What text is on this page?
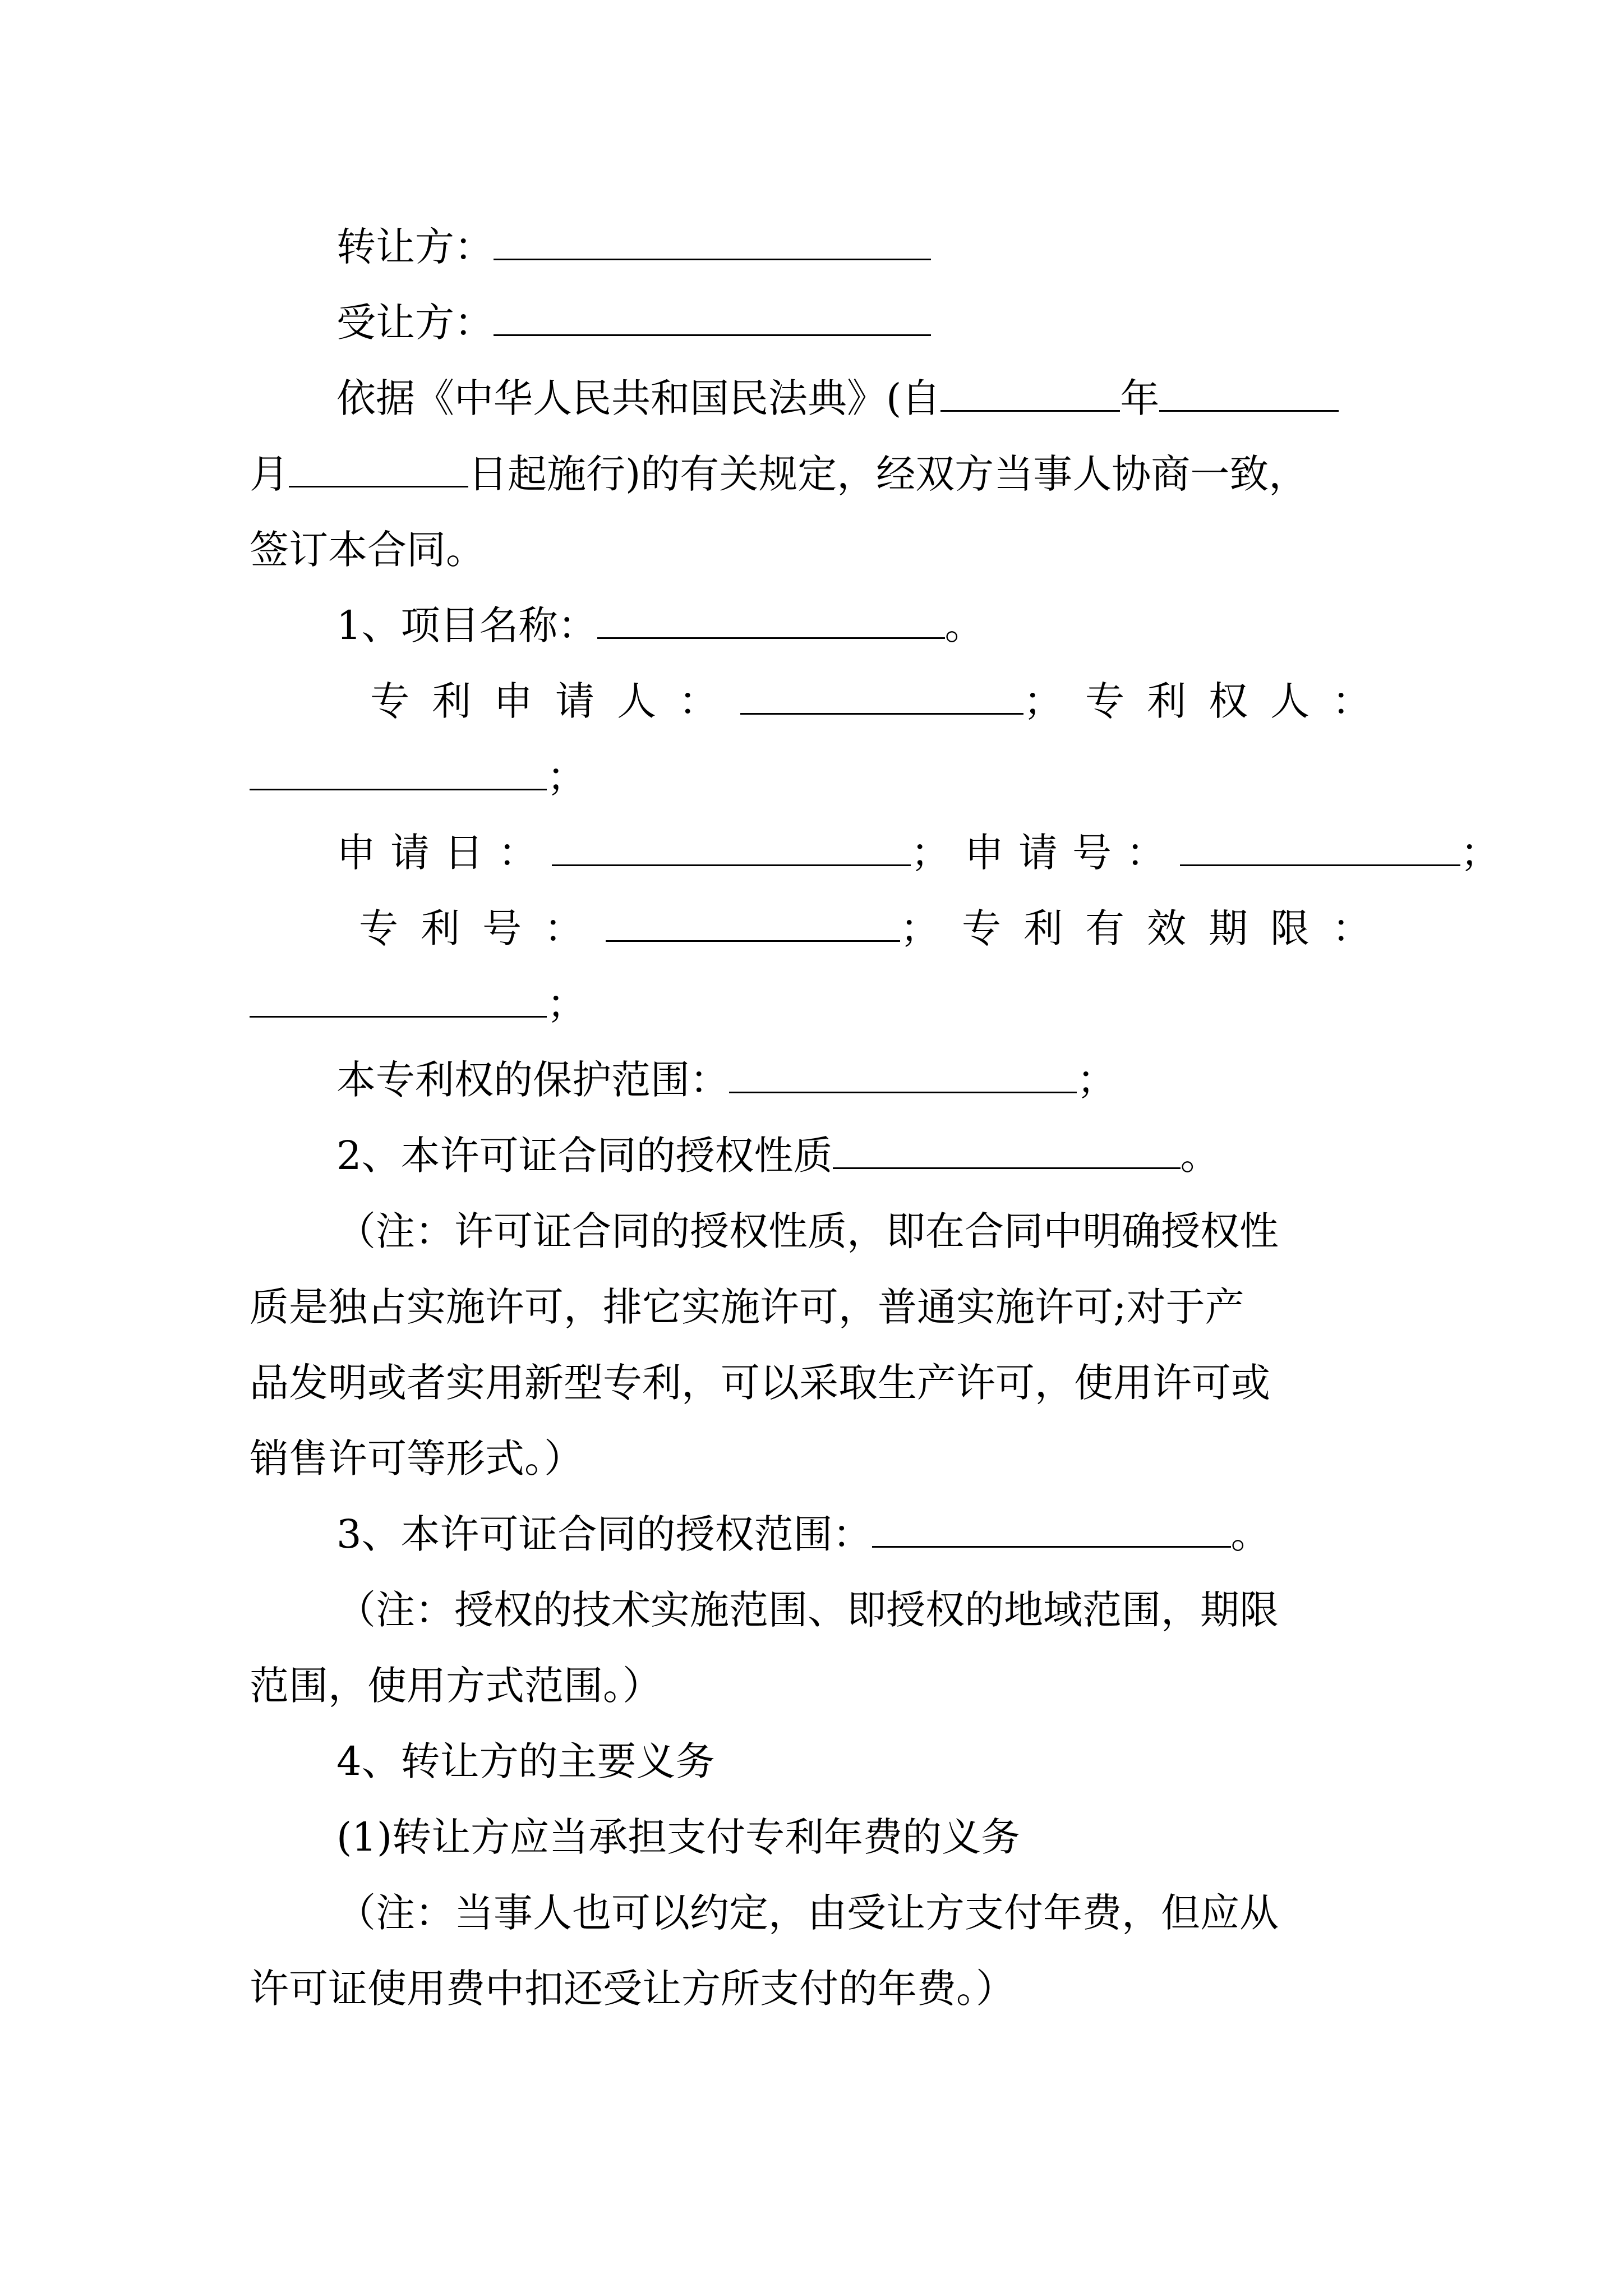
转让方：
受让方：
依据《中华人民共和国民法典》(自	年
月	日起施行)的有关规定，经双方当事人协商一致，
签订本合同。
1、项目名称：	。
专利申请人：	；专利权人：
；
申请日：	；申请号：	；
专利号：	；专利有效期限：
；
本专利权的保护范围：	；
2、本许可证合同的授权性质	。
（注：许可证合同的授权性质，即在合同中明确授权性
质是独占实施许可，排它实施许可，普通实施许可;对于产
品发明或者实用新型专利，可以采取生产许可，使用许可或
销售许可等形式。）
3、本许可证合同的授权范围：	。
（注：授权的技术实施范围、即授权的地域范围，期限
范围，使用方式范围。）
4、转让方的主要义务
(1)转让方应当承担支付专利年费的义务
（注：当事人也可以约定，由受让方支付年费，但应从
许可证使用费中扣还受让方所支付的年费。）
